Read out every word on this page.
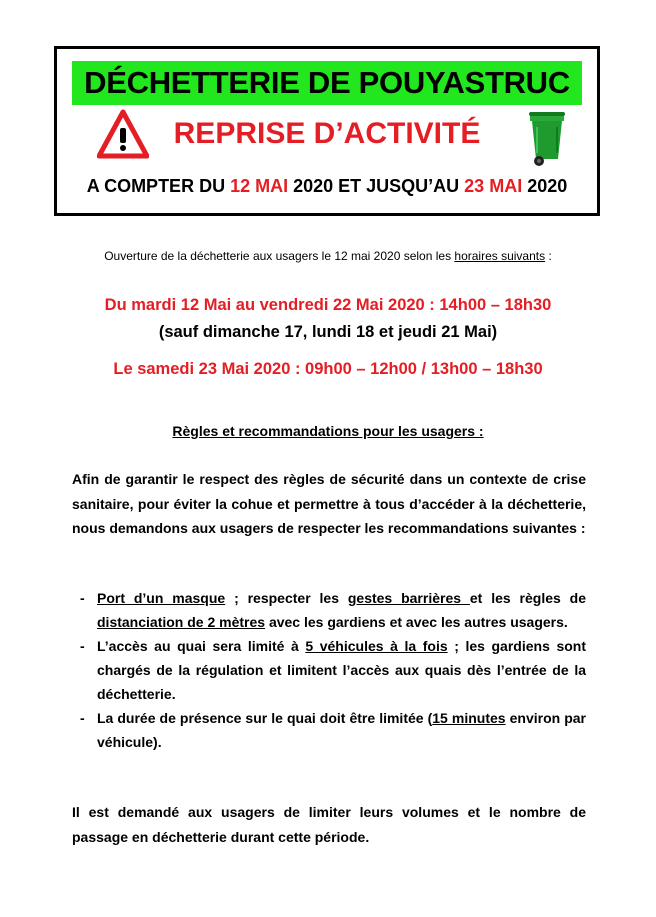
DÉCHETTERIE DE POUYASTRUC
REPRISE D’ACTIVITÉ
A COMPTER DU 12 MAI 2020 ET JUSQU’AU 23 MAI 2020
Ouverture de la déchetterie aux usagers le 12 mai 2020 selon les horaires suivants :
Du mardi 12 Mai au vendredi 22 Mai 2020 : 14h00 – 18h30
(sauf dimanche 17, lundi 18 et jeudi 21 Mai)
Le samedi 23 Mai 2020 : 09h00 – 12h00 / 13h00 – 18h30
Règles et recommandations pour les usagers :
Afin de garantir le respect des règles de sécurité dans un contexte de crise sanitaire, pour éviter la cohue et permettre à tous d’accéder à la déchetterie, nous demandons aux usagers de respecter les recommandations suivantes :
- Port d’un masque ; respecter les gestes barrières et les règles de distanciation de 2 mètres avec les gardiens et avec les autres usagers.
- L’accès au quai sera limité à 5 véhicules à la fois ; les gardiens sont chargés de la régulation et limitent l’accès aux quais dès l’entrée de la déchetterie.
- La durée de présence sur le quai doit être limitée (15 minutes environ par véhicule).
Il est demandé aux usagers de limiter leurs volumes et le nombre de passage en déchetterie durant cette période.
